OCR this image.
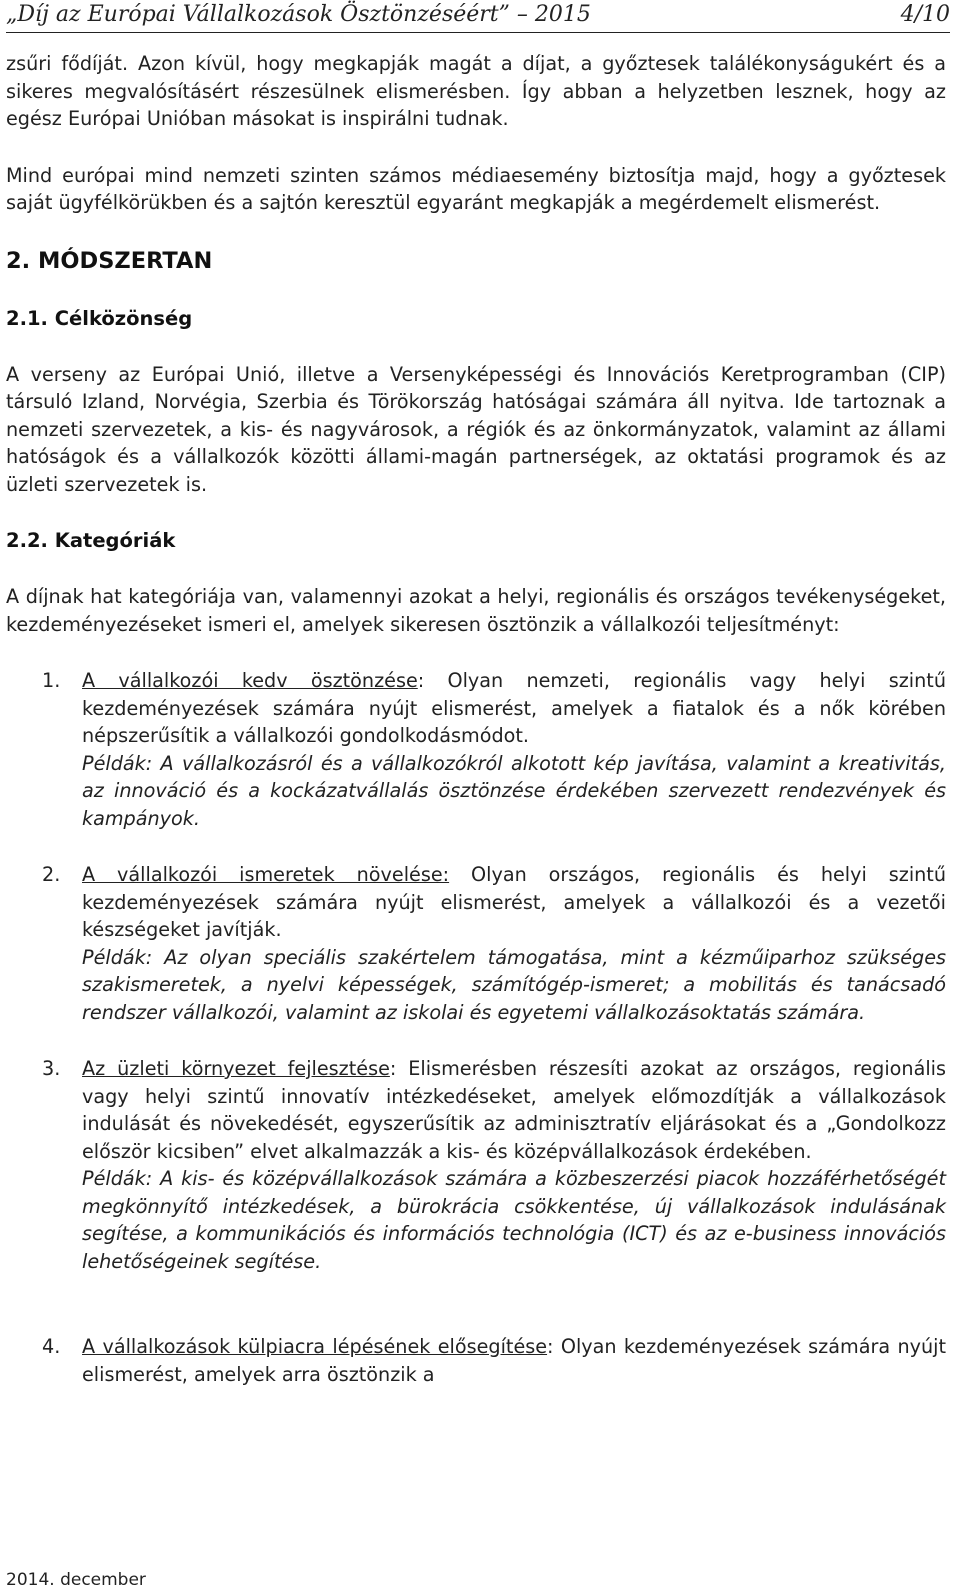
„Díj az Európai Vállalkozások Ösztönzéséért” – 2015	4/10

zsűri fődíját. Azon kívül, hogy megkapják magát a díjat, a győztesek találékonyságukért és a sikeres megvalósításért részesülnek elismerésben. Így abban a helyzetben lesznek, hogy az egész Európai Unióban másokat is inspirálni tudnak.

Mind európai mind nemzeti szinten számos médiaesemény biztosítja majd, hogy a győztesek saját ügyfélkörükben és a sajtón keresztül egyaránt megkapják a megérdemelt elismerést.

2. MÓDSZERTAN
2.1. Célközönség

A verseny az Európai Unió, illetve a Versenyképességi és Innovációs Keretprogramban (CIP) társuló Izland, Norvégia, Szerbia és Törökország hatóságai számára áll nyitva. Ide tartoznak a nemzeti szervezetek, a kis- és nagyvárosok, a régiók és az önkormányzatok, valamint az állami hatóságok és a vállalkozók közötti állami-magán partnerségek, az oktatási programok és az üzleti szervezetek is.

2.2. Kategóriák

A díjnak hat kategóriája van, valamennyi azokat a helyi, regionális és országos tevékenységeket, kezdeményezéseket ismeri el, amelyek sikeresen ösztönzik a vállalkozói teljesítményt:

1. A vállalkozói kedv ösztönzése: Olyan nemzeti, regionális vagy helyi szintű kezdeményezések számára nyújt elismerést, amelyek a fiatalok és a nők körében népszerűsítik a vállalkozói gondolkodásmódot.

Példák: A vállalkozásról és a vállalkozókról alkotott kép javítása, valamint a kreativitás, az innováció és a kockázatvállalás ösztönzése érdekében szervezett rendezvények és kampányok.

2. A vállalkozói ismeretek növelése: Olyan országos, regionális és helyi szintű kezdeményezések számára nyújt elismerést, amelyek a vállalkozói és a vezetői készségeket javítják.

Példák: Az olyan speciális szakértelem támogatása, mint a kézműiparhoz szükséges szakismeretek, a nyelvi képességek, számítógép-ismeret; a mobilitás és tanácsadó rendszer vállalkozói, valamint az iskolai és egyetemi vállalkozásoktatás számára.

3. Az üzleti környezet fejlesztése: Elismerésben részesíti azokat az országos, regionális vagy helyi szintű innovatív intézkedéseket, amelyek előmozdítják a vállalkozások indulását és növekedését, egyszerűsítik az adminisztratív eljárásokat és a „Gondolkozz először kicsiben” elvet alkalmazzák a kis- és középvállalkozások érdekében.

Példák: A kis- és középvállalkozások számára a közbeszerzési piacok hozzáférhetőségét megkönnyítő intézkedések, a bürokrácia csökkentése, új vállalkozások indulásának segítése, a kommunikációs és információs technológia (ICT) és az e-business innovációs lehetőségeinek segítése.

4. A vállalkozások külpiacra lépésének elősegítése: Olyan kezdeményezések számára nyújt elismerést, amelyek arra ösztönzik a

2014. december
